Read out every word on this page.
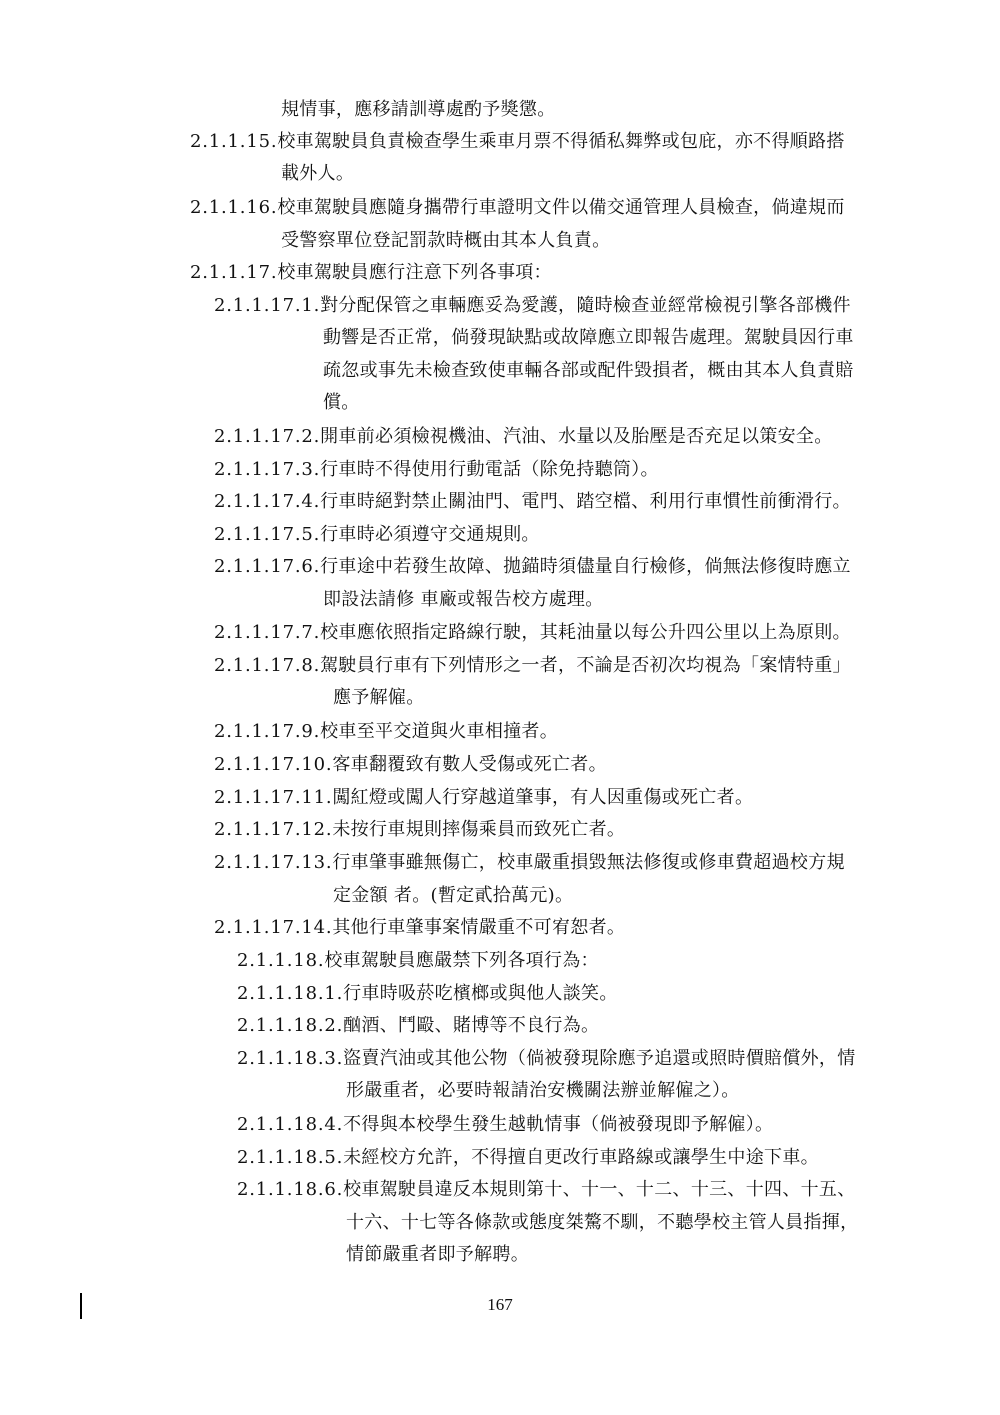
規情事，應移請訓導處酌予獎懲。
2.1.1.15.校車駕駛員負責檢查學生乘車月票不得循私舞弊或包庇，亦不得順路搭
載外人。
2.1.1.16.校車駕駛員應隨身攜帶行車證明文件以備交通管理人員檢查，倘違規而
受警察單位登記罰款時概由其本人負責。
2.1.1.17.校車駕駛員應行注意下列各事項：
2.1.1.17.1.對分配保管之車輛應妥為愛護，隨時檢查並經常檢視引擎各部機件
動響是否正常，倘發現缺點或故障應立即報告處理。駕駛員因行車
疏忽或事先未檢查致使車輛各部或配件毀損者，概由其本人負責賠
償。
2.1.1.17.2.開車前必須檢視機油、汽油、水量以及胎壓是否充足以策安全。
2.1.1.17.3.行車時不得使用行動電話（除免持聽筒）。
2.1.1.17.4.行車時絕對禁止關油門、電門、踏空檔、利用行車慣性前衝滑行。
2.1.1.17.5.行車時必須遵守交通規則。
2.1.1.17.6.行車途中若發生故障、拋錨時須儘量自行檢修，倘無法修復時應立
即設法請修 車廠或報告校方處理。
2.1.1.17.7.校車應依照指定路線行駛，其耗油量以每公升四公里以上為原則。
2.1.1.17.8.駕駛員行車有下列情形之一者，不論是否初次均視為「案情特重」
應予解僱。
2.1.1.17.9.校車至平交道與火車相撞者。
2.1.1.17.10.客車翻覆致有數人受傷或死亡者。
2.1.1.17.11.闖紅燈或闖人行穿越道肇事，有人因重傷或死亡者。
2.1.1.17.12.未按行車規則摔傷乘員而致死亡者。
2.1.1.17.13.行車肇事雖無傷亡，校車嚴重損毀無法修復或修車費超過校方規
定金額 者。(暫定貳拾萬元)。
2.1.1.17.14.其他行車肇事案情嚴重不可宥恕者。
2.1.1.18.校車駕駛員應嚴禁下列各項行為：
2.1.1.18.1.行車時吸菸吃檳榔或與他人談笑。
2.1.1.18.2.酗酒、鬥毆、賭博等不良行為。
2.1.1.18.3.盜賣汽油或其他公物（倘被發現除應予追還或照時價賠償外，情
形嚴重者，必要時報請治安機關法辦並解僱之）。
2.1.1.18.4.不得與本校學生發生越軌情事（倘被發現即予解僱）。
2.1.1.18.5.未經校方允許，不得擅自更改行車路線或讓學生中途下車。
2.1.1.18.6.校車駕駛員違反本規則第十、十一、十二、十三、十四、十五、
十六、十七等各條款或態度桀驁不馴，不聽學校主管人員指揮，
情節嚴重者即予解聘。
167
